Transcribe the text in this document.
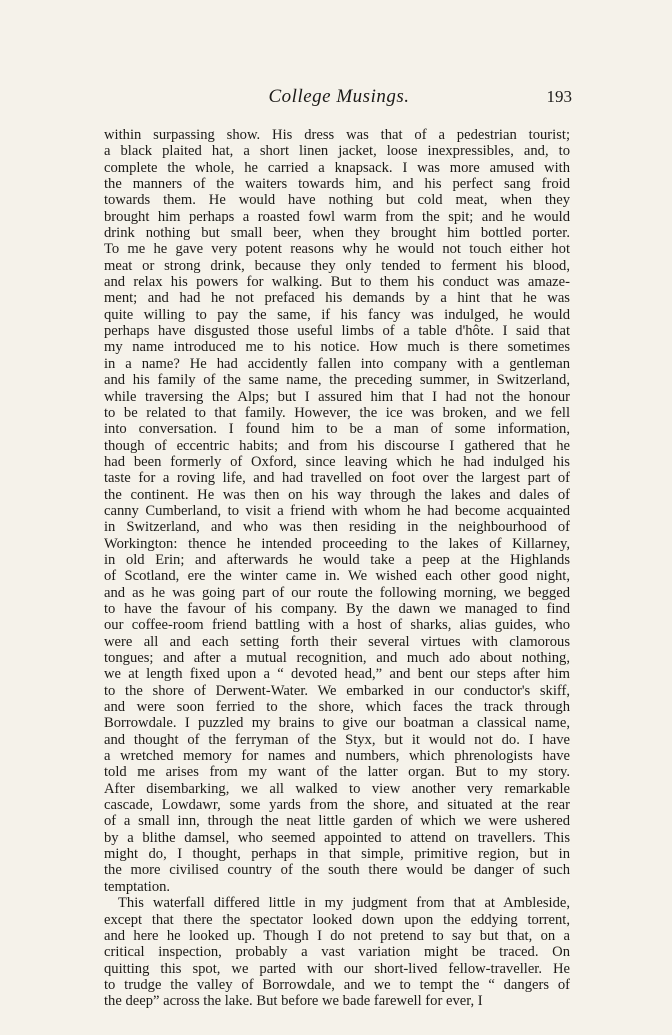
College Musings.	193
within surpassing show. His dress was that of a pedestrian tourist;
a black plaited hat, a short linen jacket, loose inexpressibles, and, to
complete the whole, he carried a knapsack. I was more amused with
the manners of the waiters towards him, and his perfect sang froid
towards them. He would have nothing but cold meat, when they
brought him perhaps a roasted fowl warm from the spit; and he would
drink nothing but small beer, when they brought him bottled porter.
To me he gave very potent reasons why he would not touch either hot
meat or strong drink, because they only tended to ferment his blood,
and relax his powers for walking. But to them his conduct was amaze-
ment; and had he not prefaced his demands by a hint that he was
quite willing to pay the same, if his fancy was indulged, he would
perhaps have disgusted those useful limbs of a table d'hôte. I said that
my name introduced me to his notice. How much is there sometimes
in a name? He had accidently fallen into company with a gentleman
and his family of the same name, the preceding summer, in Switzerland,
while traversing the Alps; but I assured him that I had not the honour
to be related to that family. However, the ice was broken, and we fell
into conversation. I found him to be a man of some information,
though of eccentric habits; and from his discourse I gathered that he
had been formerly of Oxford, since leaving which he had indulged his
taste for a roving life, and had travelled on foot over the largest part of
the continent. He was then on his way through the lakes and dales of
canny Cumberland, to visit a friend with whom he had become acquainted
in Switzerland, and who was then residing in the neighbourhood of
Workington: thence he intended proceeding to the lakes of Killarney,
in old Erin; and afterwards he would take a peep at the Highlands
of Scotland, ere the winter came in. We wished each other good night,
and as he was going part of our route the following morning, we begged
to have the favour of his company. By the dawn we managed to find
our coffee-room friend battling with a host of sharks, alias guides, who
were all and each setting forth their several virtues with clamorous
tongues; and after a mutual recognition, and much ado about nothing,
we at length fixed upon a “ devoted head,” and bent our steps after him
to the shore of Derwent-Water. We embarked in our conductor's skiff,
and were soon ferried to the shore, which faces the track through
Borrowdale. I puzzled my brains to give our boatman a classical name,
and thought of the ferryman of the Styx, but it would not do. I have
a wretched memory for names and numbers, which phrenologists have
told me arises from my want of the latter organ. But to my story.
After disembarking, we all walked to view another very remarkable
cascade, Lowdawr, some yards from the shore, and situated at the rear
of a small inn, through the neat little garden of which we were ushered
by a blithe damsel, who seemed appointed to attend on travellers. This
might do, I thought, perhaps in that simple, primitive region, but in
the more civilised country of the south there would be danger of such
temptation.
This waterfall differed little in my judgment from that at Ambleside,
except that there the spectator looked down upon the eddying torrent,
and here he looked up. Though I do not pretend to say but that, on a
critical inspection, probably a vast variation might be traced. On
quitting this spot, we parted with our short-lived fellow-traveller. He
to trudge the valley of Borrowdale, and we to tempt the “ dangers of
the deep” across the lake. But before we bade farewell for ever, I
